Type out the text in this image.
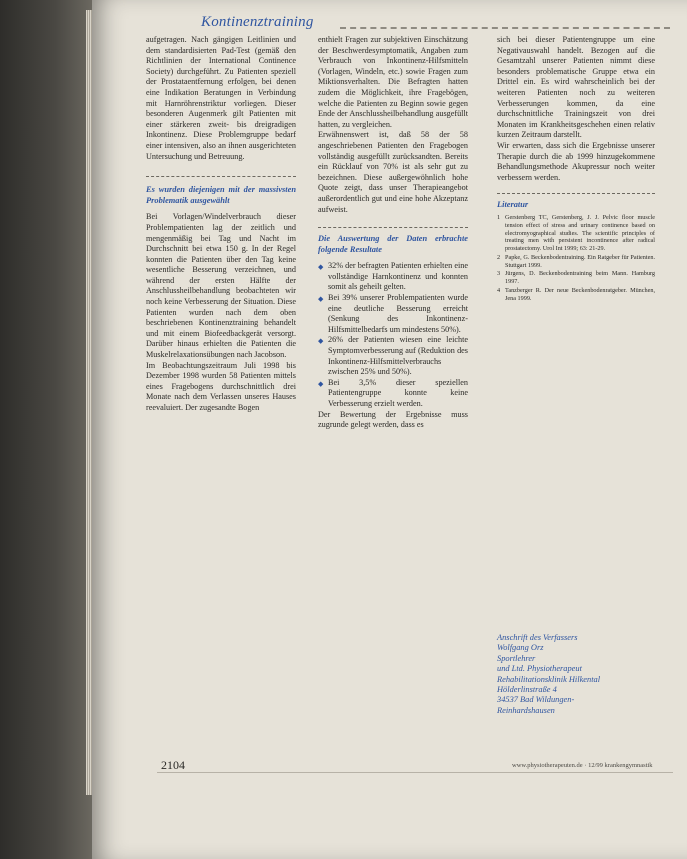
Kontinenztraining

aufgetragen. Nach gängigen Leitlinien und dem standardisierten Pad-Test (gemäß den Richtlinien der International Continence Society) durchgeführt. Zu Patienten speziell der Prostataentfernung erfolgen, bei denen eine Indikation Beratungen in Verbindung mit Harnröhrenstriktur vorliegen. Dieser besonderen Augenmerk gilt Patienten mit einer stärkeren zweit- bis dreigradigen Inkontinenz. Diese Problemgruppe bedarf einer intensiven, also an ihnen ausgerichteten Untersuchung und Betreuung.

Es wurden diejenigen mit der massivsten Problematik ausgewählt

Bei Vorlagen/Windelverbrauch dieser Problempatienten lag der zeitlich und mengenmäßig bei Tag und Nacht im Durchschnitt bei etwa 150 g. In der Regel konnten die Patienten über den Tag keine wesentliche Besserung verzeichnen, und während der ersten Hälfte der Anschlussheilbehandlung beobachteten wir noch keine Verbesserung der Situation. Diese Patienten wurden nach dem oben beschriebenen Kontinenztraining behandelt und mit einem Biofeedbackgerät versorgt. Darüber hinaus erhielten die Patienten die Muskelrelaxationsübungen nach Jacobson.

Im Beobachtungszeitraum Juli 1998 bis Dezember 1998 wurden 58 Patienten mittels eines Fragebogens durchschnittlich drei Monate nach dem Verlassen unseres Hauses reevaluiert. Der zugesandte Bogen

enthielt Fragen zur subjektiven Einschätzung der Beschwerdesymptomatik, Angaben zum Verbrauch von Inkontinenz-Hilfsmitteln (Vorlagen, Windeln, etc.) sowie Fragen zum Miktionsverhalten. Die Befragten hatten zudem die Möglichkeit, ihre Fragebögen, welche die Patienten zu Beginn sowie gegen Ende der Anschlussheilbehandlung ausgefüllt hatten, zu vergleichen.

Erwähnenswert ist, daß 58 der 58 angeschriebenen Patienten den Fragebogen vollständig ausgefüllt zurücksandten. Bereits ein Rücklauf von 70% ist als sehr gut zu bezeichnen. Diese außergewöhnlich hohe Quote zeigt, dass unser Therapieangebot außerordentlich gut und eine hohe Akzeptanz aufweist.

Die Auswertung der Daten erbrachte folgende Resultate

◆ 32% der befragten Patienten erhielten eine vollständige Harnkontinenz und konnten somit als geheilt gelten.
◆ Bei 39% unserer Problempatienten wurde eine deutliche Besserung erreicht (Senkung des Inkontinenz-Hilfsmittelbedarfs um mindestens 50%).
◆ 26% der Patienten wiesen eine leichte Symptomverbesserung auf (Reduktion des Inkontinenz-Hilfsmittelverbrauchs zwischen 25% und 50%).
◆ Bei 3,5% dieser speziellen Patientengruppe konnte keine Verbesserung erzielt werden.

Der Bewertung der Ergebnisse muss zugrunde gelegt werden, dass es

sich bei dieser Patientengruppe um eine Negativauswahl handelt. Bezogen auf die Gesamtzahl unserer Patienten nimmt diese besonders problematische Gruppe etwa ein Drittel ein. Es wird wahrscheinlich bei der weiteren Patienten noch zu weiteren Verbesserungen kommen, da eine durchschnittliche Trainingszeit von drei Monaten im Krankheitsgeschehen einen relativ kurzen Zeitraum darstellt.

Wir erwarten, dass sich die Ergebnisse unserer Therapie durch die ab 1999 hinzugekommene Behandlungsmethode Akupressur noch weiter verbessern werden.

Literatur

1 Gerstenberg TC, Gerstenberg, J. J. Pelvic floor muscle tension effect of stress and urinary continence based on electromyographical studies. The scientific principles of treating men with persistent incontinence after radical prostatectomy. Urol Int 1999; 63: 21-29.
2 Papke, G. Beckenbodentraining. Ein Ratgeber für Patienten. Stuttgart 1999.
3 Jürgens, D. Beckenbodentraining beim Mann. Hamburg 1997.
4 Tanzberger R. Der neue Beckenbodenratgeber. München, Jena 1999.
Anschrift des Verfassers
Wolfgang Orz
Sportlehrer
und Ltd. Physiotherapeut
Rehabilitationsklinik Hilkental
Hölderlinstraße 4
34537 Bad Wildungen-
Reinhardshausen
2104	www.physiotherapeuten.de · 12/99 krankengymnastik
